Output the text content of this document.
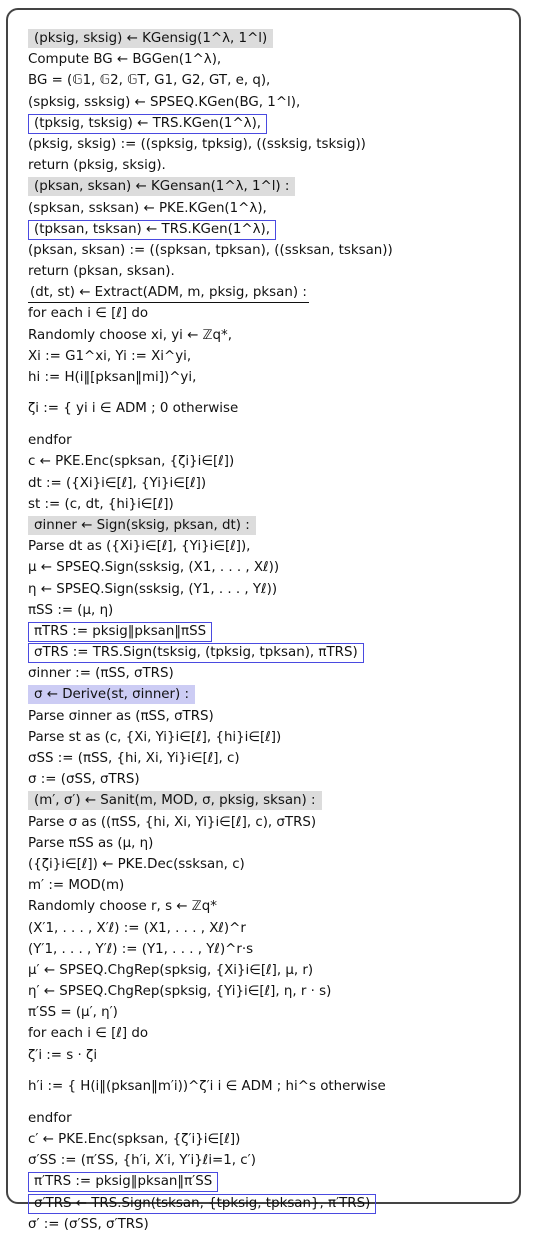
(pksig, sksig) ← KGensig(1^λ, 1^l)
Compute BG ← BGGen(1^λ),
BG = (𝔾1, 𝔾2, 𝔾T, G1, G2, GT, e, q),
(spksig, ssksig) ← SPSEQ.KGen(BG, 1^l),
(tpksig, tsksig) ← TRS.KGen(1^λ),
(pksig, sksig) := ((spksig, tpksig), ((ssksig, tsksig))
return (pksig, sksig).
(pksan, sksan) ← KGensan(1^λ, 1^l) :
(spksan, ssksan) ← PKE.KGen(1^λ),
(tpksan, tsksan) ← TRS.KGen(1^λ),
(pksan, sksan) := ((spksan, tpksan), ((ssksan, tsksan))
return (pksan, sksan).
(dt, st) ← Extract(ADM, m, pksig, pksan) :
for each i ∈ [ℓ] do
Randomly choose xi, yi ← ℤq*,
Xi := G1^xi, Yi := Xi^yi,
hi := H(i‖[pksan‖mi])^yi,
ζi := { yi i ∈ ADM ; 0 otherwise
endfor
c ← PKE.Enc(spksan, {ζi}i∈[ℓ])
dt := ({Xi}i∈[ℓ], {Yi}i∈[ℓ])
st := (c, dt, {hi}i∈[ℓ])
σinner ← Sign(sksig, pksan, dt) :
Parse dt as ({Xi}i∈[ℓ], {Yi}i∈[ℓ]),
μ ← SPSEQ.Sign(ssksig, (X1, . . . , Xℓ))
η ← SPSEQ.Sign(ssksig, (Y1, . . . , Yℓ))
πSS := (μ, η)
πTRS := pksig‖pksan‖πSS
σTRS := TRS.Sign(tsksig, (tpksig, tpksan), πTRS)
σinner := (πSS, σTRS)
σ ← Derive(st, σinner) :
Parse σinner as (πSS, σTRS)
Parse st as (c, {Xi, Yi}i∈[ℓ], {hi}i∈[ℓ])
σSS := (πSS, {hi, Xi, Yi}i∈[ℓ], c)
σ := (σSS, σTRS)
(m′, σ′) ← Sanit(m, MOD, σ, pksig, sksan) :
Parse σ as ((πSS, {hi, Xi, Yi}i∈[ℓ], c), σTRS)
Parse πSS as (μ, η)
({ζi}i∈[ℓ]) ← PKE.Dec(ssksan, c)
m′ := MOD(m)
Randomly choose r, s ← ℤq*
(X′1, . . . , X′ℓ) := (X1, . . . , Xℓ)^r
(Y′1, . . . , Y′ℓ) := (Y1, . . . , Yℓ)^r·s
μ′ ← SPSEQ.ChgRep(spksig, {Xi}i∈[ℓ], μ, r)
η′ ← SPSEQ.ChgRep(spksig, {Yi}i∈[ℓ], η, r · s)
π′SS = (μ′, η′)
for each i ∈ [ℓ] do
ζ′i := s · ζi
h′i := { H(i‖(pksan‖m′i))^ζ′i i ∈ ADM ; hi^s otherwise
endfor
c′ ← PKE.Enc(spksan, {ζ′i}i∈[ℓ])
σ′SS := (π′SS, {h′i, X′i, Y′i}ℓi=1, c′)
π′TRS := pksig‖pksan‖π′SS
σ′TRS ← TRS.Sign(tsksan, {tpksig, tpksan}, π′TRS)
σ′ := (σ′SS, σ′TRS)
